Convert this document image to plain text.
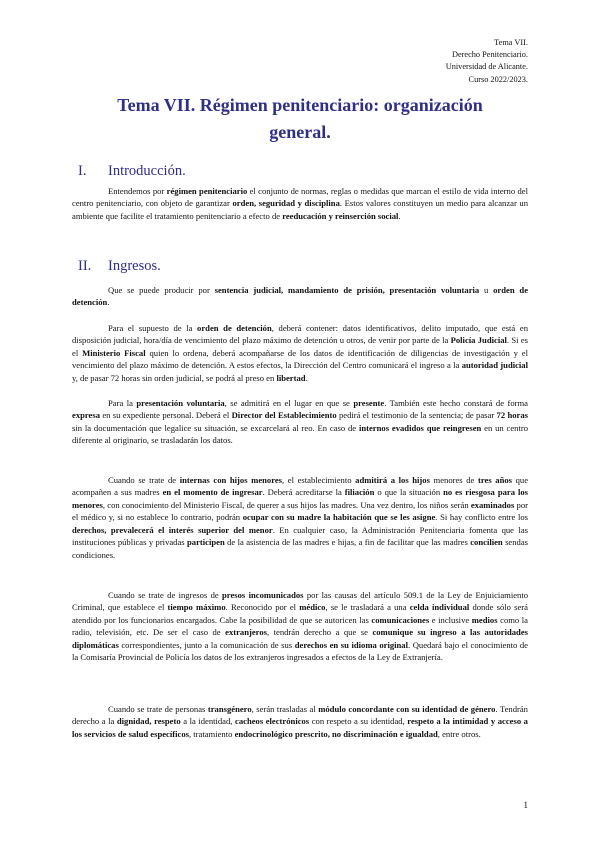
Tema VII.
Derecho Penitenciario.
Universidad de Alicante.
Curso 2022/2023.
Tema VII. Régimen penitenciario: organización
general.
I. Introducción.
Entendemos por régimen penitenciario el conjunto de normas, reglas o medidas que marcan el estilo de vida interno del centro penitenciario, con objeto de garantizar orden, seguridad y disciplina. Estos valores constituyen un medio para alcanzar un ambiente que facilite el tratamiento penitenciario a efecto de reeducación y reinserción social.
II. Ingresos.
Que se puede producir por sentencia judicial, mandamiento de prisión, presentación voluntaria u orden de detención.
Para el supuesto de la orden de detención, deberá contener: datos identificativos, delito imputado, que está en disposición judicial, hora/día de vencimiento del plazo máximo de detención u otros, de venir por parte de la Policía Judicial. Si es el Ministerio Fiscal quien lo ordena, deberá acompañarse de los datos de identificación de diligencias de investigación y el vencimiento del plazo máximo de detención. A estos efectos, la Dirección del Centro comunicará el ingreso a la autoridad judicial y, de pasar 72 horas sin orden judicial, se podrá al preso en libertad.
Para la presentación voluntaria, se admitirá en el lugar en que se presente. También este hecho constará de forma expresa en su expediente personal. Deberá el Director del Establecimiento pedirá el testimonio de la sentencia; de pasar 72 horas sin la documentación que legalice su situación, se excarcelará al reo. En caso de internos evadidos que reingresen en un centro diferente al originario, se trasladarán los datos.
Cuando se trate de internas con hijos menores, el establecimiento admitirá a los hijos menores de tres años que acompañen a sus madres en el momento de ingresar. Deberá acreditarse la filiación o que la situación no es riesgosa para los menores, con conocimiento del Ministerio Fiscal, de querer a sus hijos las madres. Una vez dentro, los niños serán examinados por el médico y, si no establece lo contrario, podrán ocupar con su madre la habitación que se les asigne. Si hay conflicto entre los derechos, prevalecerá el interés superior del menor. En cualquier caso, la Administración Penitenciaria fomenta que las instituciones públicas y privadas participen de la asistencia de las madres e hijas, a fin de facilitar que las madres concilien sendas condiciones.
Cuando se trate de ingresos de presos incomunicados por las causas del artículo 509.1 de la Ley de Enjuiciamiento Criminal, que establece el tiempo máximo. Reconocido por el médico, se le trasladará a una celda individual donde sólo será atendido por los funcionarios encargados. Cabe la posibilidad de que se autoricen las comunicaciones e inclusive medios como la radio, televisión, etc. De ser el caso de extranjeros, tendrán derecho a que se comunique su ingreso a las autoridades diplomáticas correspondientes, junto a la comunicación de sus derechos en su idioma original. Quedará bajo el conocimiento de la Comisaría Provincial de Policía los datos de los extranjeros ingresados a efectos de la Ley de Extranjería.
Cuando se trate de personas transgénero, serán trasladas al módulo concordante con su identidad de género. Tendrán derecho a la dignidad, respeto a la identidad, cacheos electrónicos con respeto a su identidad, respeto a la intimidad y acceso a los servicios de salud específicos, tratamiento endocrinológico prescrito, no discriminación e igualdad, entre otros.
1
